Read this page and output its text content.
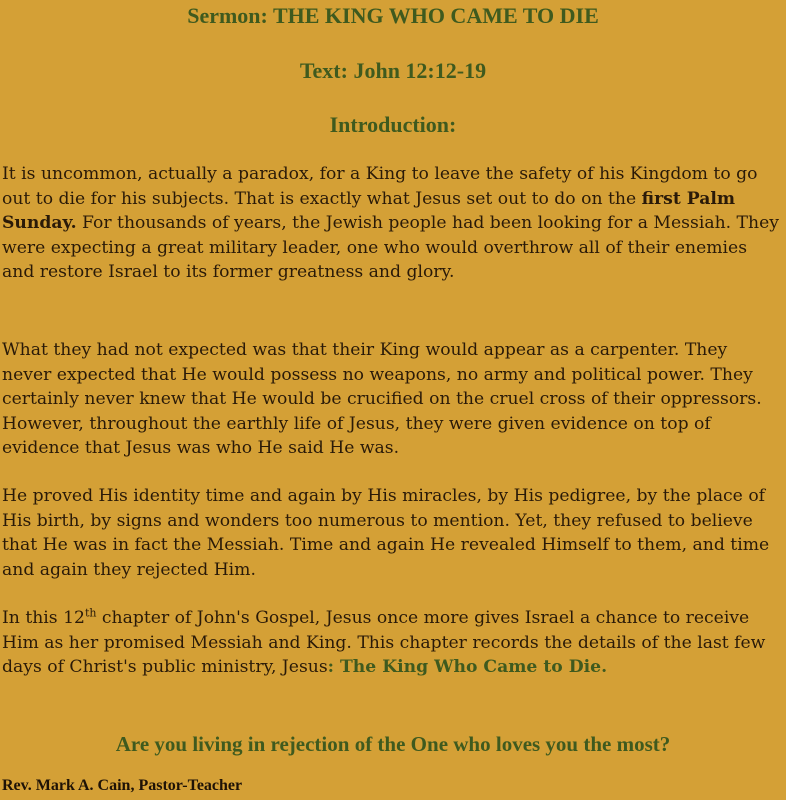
Sermon: THE KING WHO CAME TO DIE
Text: John 12:12-19
Introduction:

It is uncommon, actually a paradox, for a King to leave the safety of his Kingdom to go out to die for his subjects. That is exactly what Jesus set out to do on the first Palm Sunday. For thousands of years, the Jewish people had been looking for a Messiah. They were expecting a great military leader, one who would overthrow all of their enemies and restore Israel to its former greatness and glory.

What they had not expected was that their King would appear as a carpenter. They never expected that He would possess no weapons, no army and political power. They certainly never knew that He would be crucified on the cruel cross of their oppressors. However, throughout the earthly life of Jesus, they were given evidence on top of evidence that Jesus was who He said He was.

He proved His identity time and again by His miracles, by His pedigree, by the place of His birth, by signs and wonders too numerous to mention. Yet, they refused to believe that He was in fact the Messiah. Time and again He revealed Himself to them, and time and again they rejected Him.

In this 12th chapter of John's Gospel, Jesus once more gives Israel a chance to receive Him as her promised Messiah and King. This chapter records the details of the last few days of Christ's public ministry, Jesus: The King Who Came to Die.

Are you living in rejection of the One who loves you the most?

Rev. Mark A. Cain, Pastor-Teacher
